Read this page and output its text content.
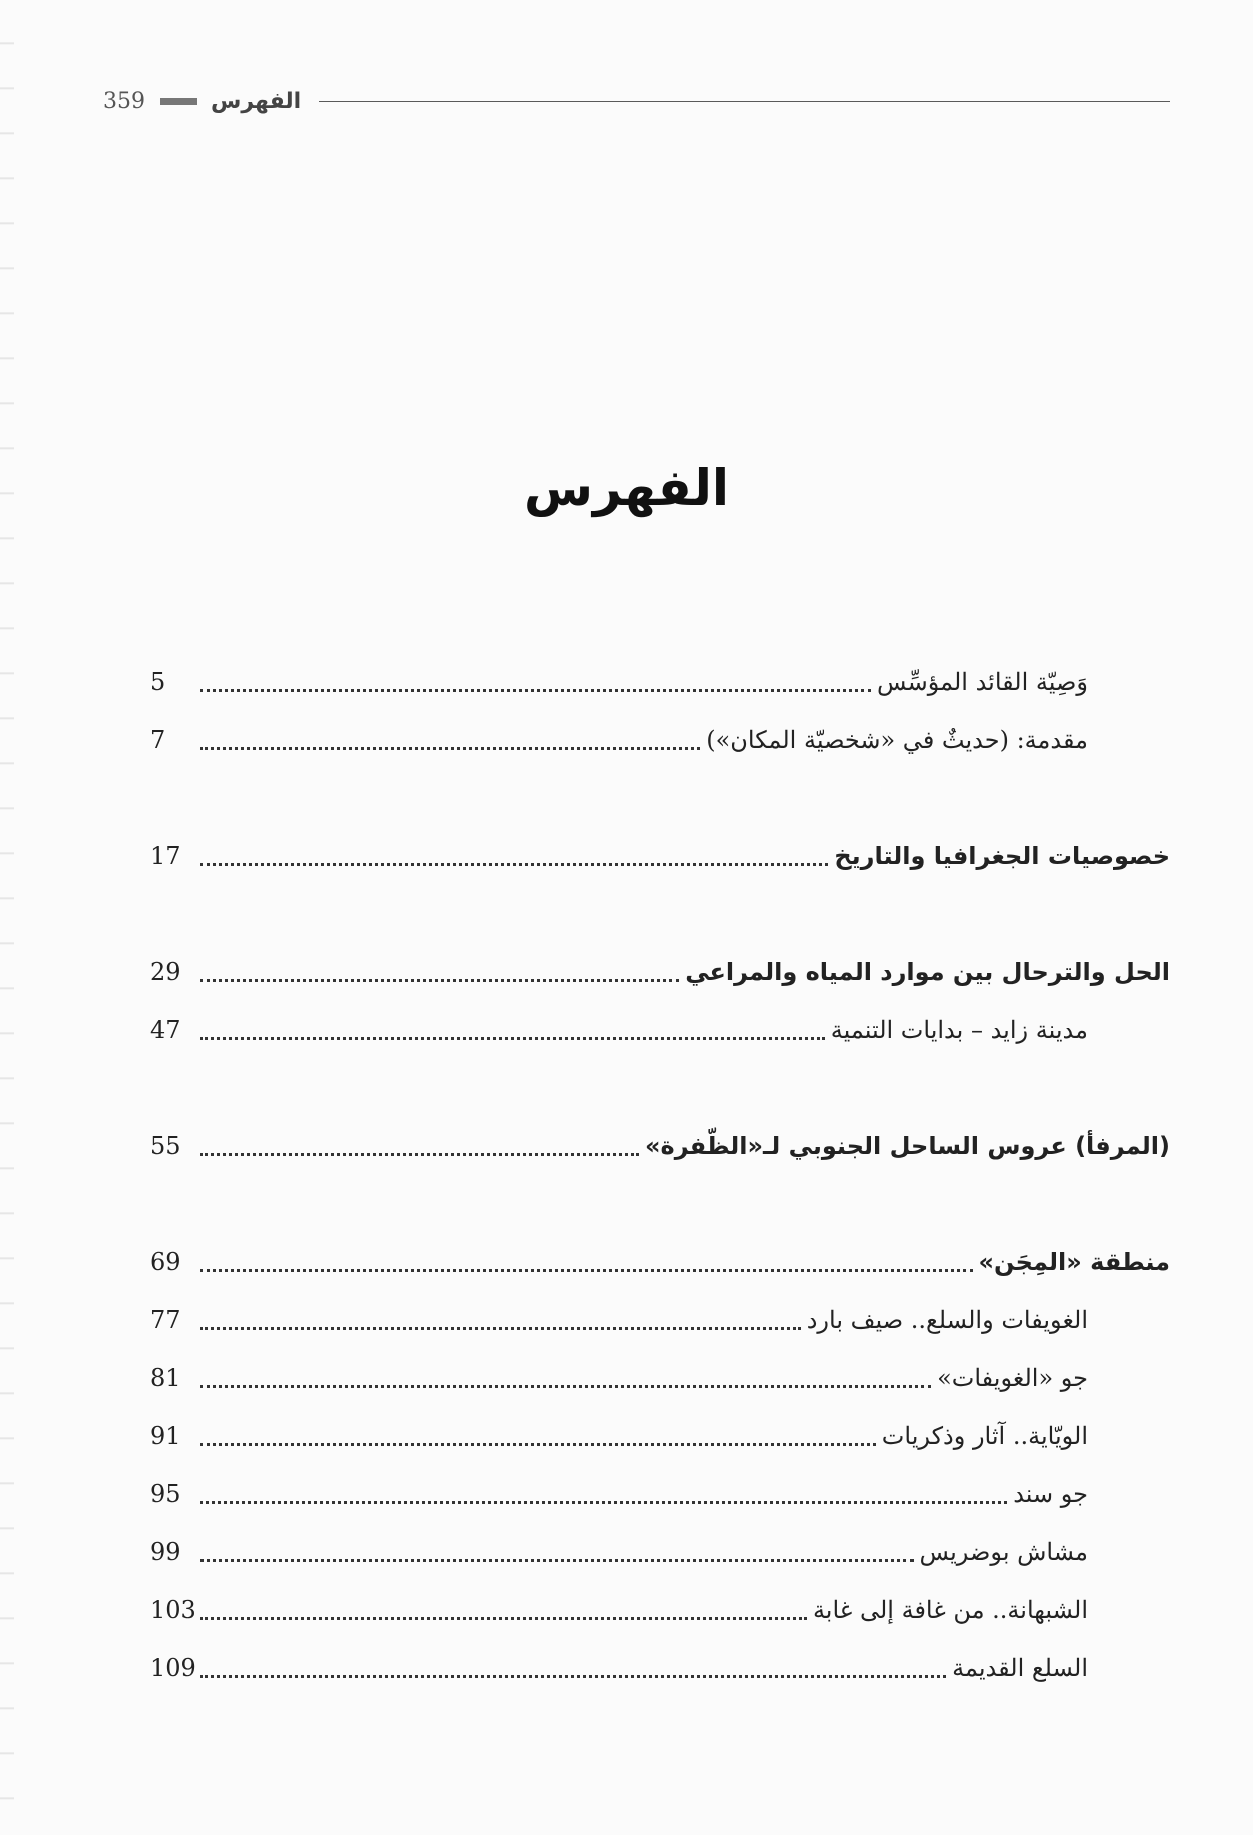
359	الفهرس
الفهرس
وَصِيّة القائد المؤسِّس
5
مقدمة: (حديثٌ في «شخصيّة المكان»)
7
خصوصيات الجغرافيا والتاريخ
17
الحل والترحال بين موارد المياه والمراعي
29
مدينة زايد – بدايات التنمية
47
(المرفأ) عروس الساحل الجنوبي لـ«الظّفرة»
55
منطقة «المِجَن»
69
الغويفات والسلع.. صيف بارد
77
جو «الغويفات»
81
الويّاية.. آثار وذكريات
91
جو سند
95
مشاش بوضريس
99
الشبهانة.. من غافة إلى غابة
103
السلع القديمة
109
